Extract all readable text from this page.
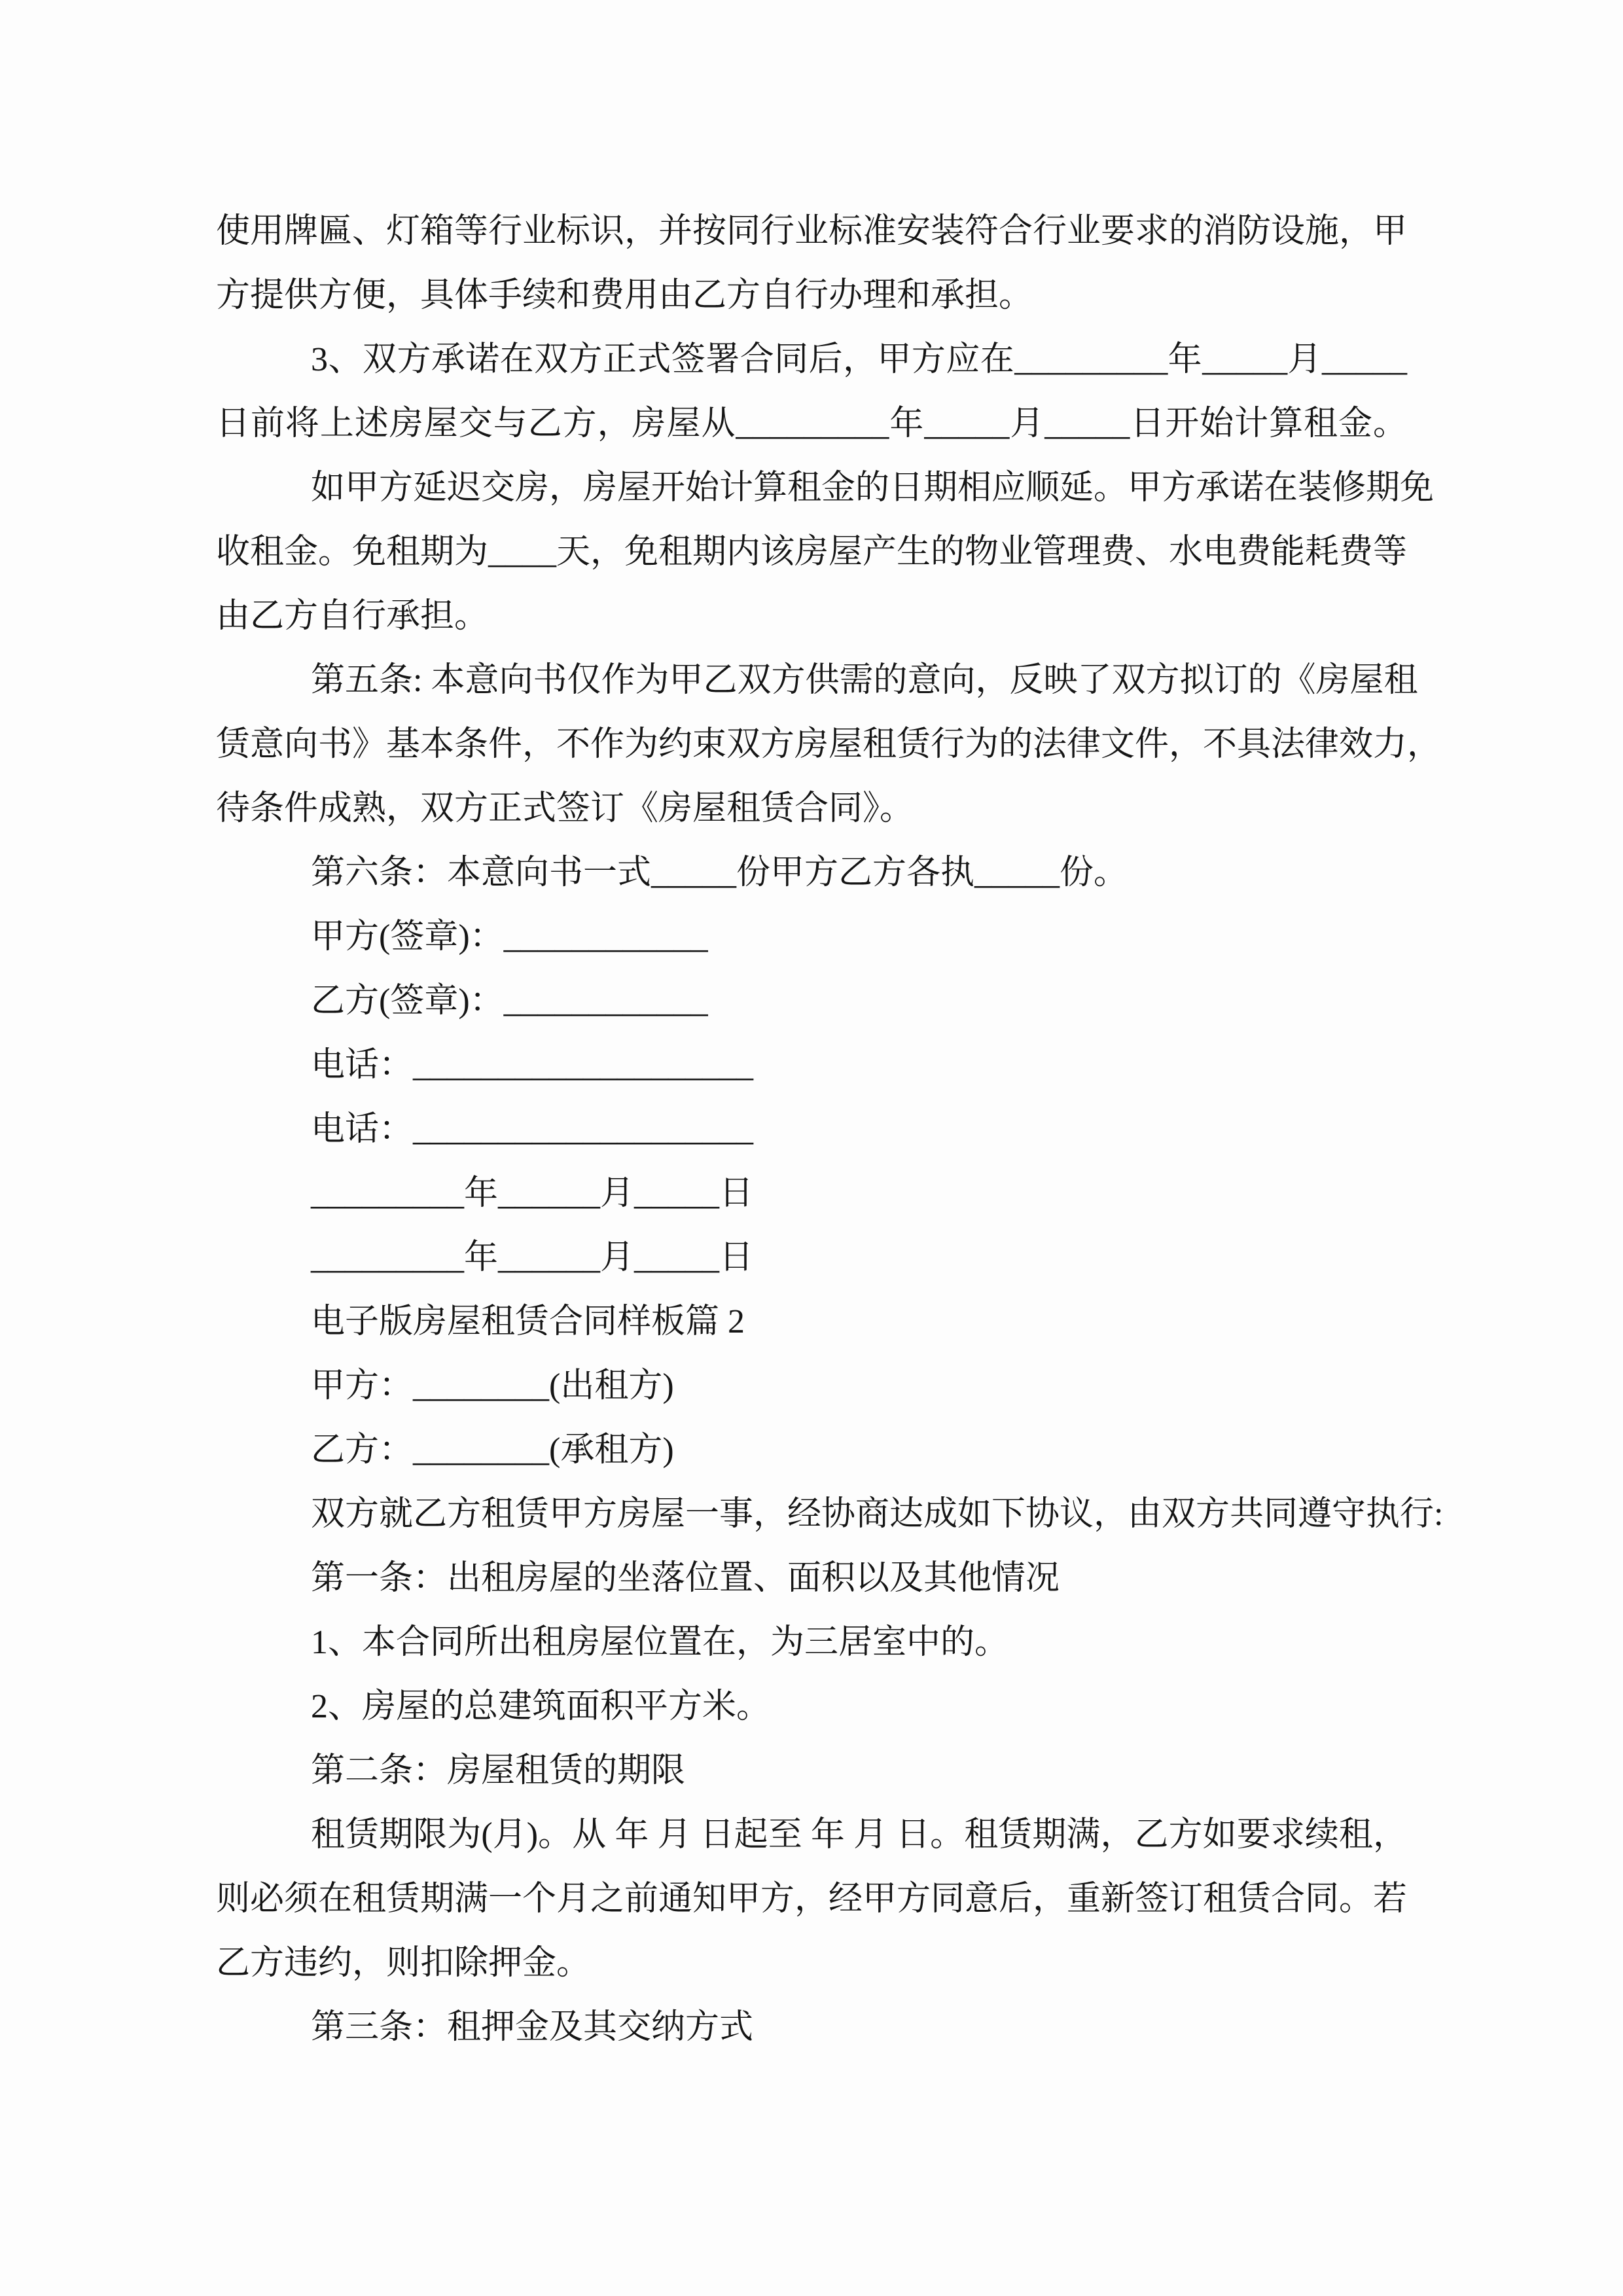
使用牌匾、灯箱等行业标识，并按同行业标准安装符合行业要求的消防设施，甲
方提供方便，具体手续和费用由乙方自行办理和承担。
3、双方承诺在双方正式签署合同后，甲方应在_________年_____月_____
日前将上述房屋交与乙方，房屋从_________年_____月_____日开始计算租金。
如甲方延迟交房，房屋开始计算租金的日期相应顺延。甲方承诺在装修期免
收租金。免租期为____天，免租期内该房屋产生的物业管理费、水电费能耗费等
由乙方自行承担。
第五条: 本意向书仅作为甲乙双方供需的意向，反映了双方拟订的《房屋租
赁意向书》基本条件，不作为约束双方房屋租赁行为的法律文件，不具法律效力，
待条件成熟，双方正式签订《房屋租赁合同》。
第六条：本意向书一式_____份甲方乙方各执_____份。
甲方(签章)：____________
乙方(签章)：____________
电话：____________________
电话：____________________
_________年______月_____日
_________年______月_____日
电子版房屋租赁合同样板篇 2
甲方：________(出租方)
乙方：________(承租方)
双方就乙方租赁甲方房屋一事，经协商达成如下协议，由双方共同遵守执行:
第一条：出租房屋的坐落位置、面积以及其他情况
1、本合同所出租房屋位置在，为三居室中的。
2、房屋的总建筑面积平方米。
第二条：房屋租赁的期限
租赁期限为(月)。从 年 月 日起至 年 月 日。租赁期满，乙方如要求续租，
则必须在租赁期满一个月之前通知甲方，经甲方同意后，重新签订租赁合同。若
乙方违约，则扣除押金。
第三条：租押金及其交纳方式
